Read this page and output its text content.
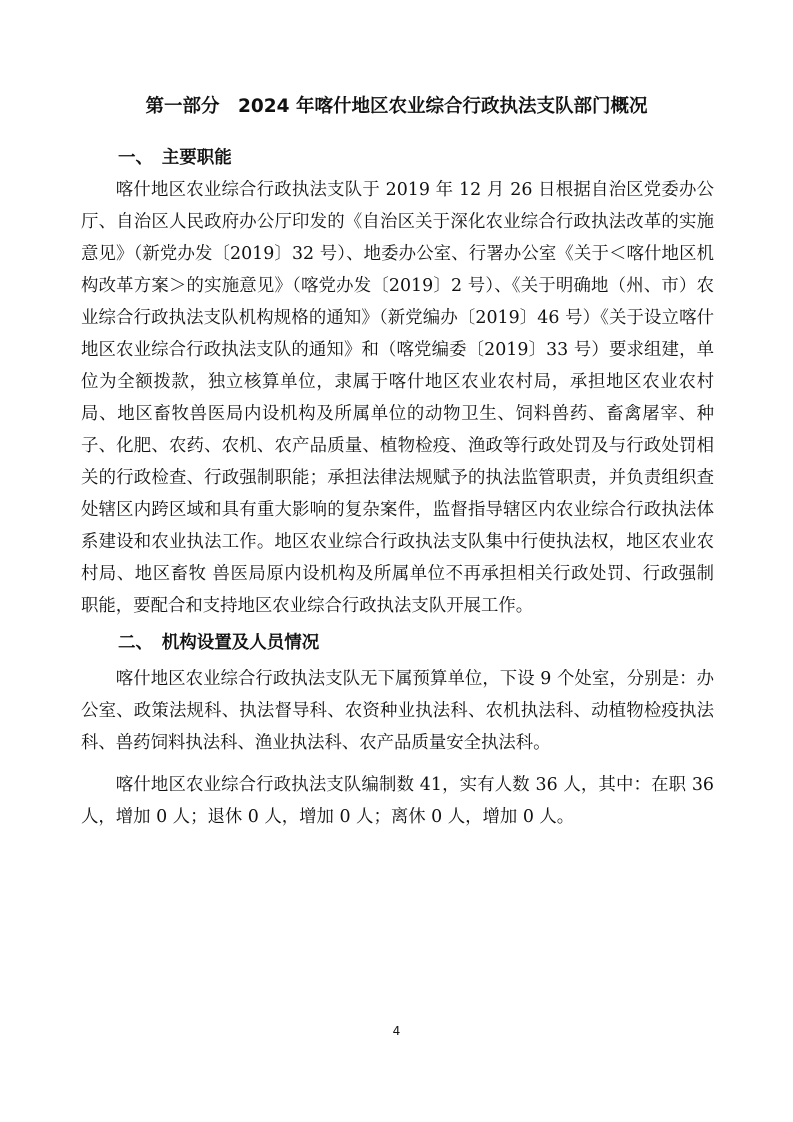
第一部分　2024 年喀什地区农业综合行政执法支队部门概况
一、　主要职能

喀什地区农业综合行政执法支队于 2019 年 12 月 26 日根据自治区党委办公厅、自治区人民政府办公厅印发的《自治区关于深化农业综合行政执法改革的实施意见》（新党办发〔2019〕32 号）、地委办公室、行署办公室《关于＜喀什地区机构改革方案＞的实施意见》（喀党办发〔2019〕2 号）、《关于明确地（州、市）农业综合行政执法支队机构规格的通知》（新党编办〔2019〕46 号）《关于设立喀什地区农业综合行政执法支队的通知》和（喀党编委〔2019〕33 号）要求组建，单位为全额拨款，独立核算单位，隶属于喀什地区农业农村局，承担地区农业农村局、地区畜牧兽医局内设机构及所属单位的动物卫生、饲料兽药、畜禽屠宰、种子、化肥、农药、农机、农产品质量、植物检疫、渔政等行政处罚及与行政处罚相关的行政检查、行政强制职能；承担法律法规赋予的执法监管职责，并负责组织查处辖区内跨区域和具有重大影响的复杂案件，监督指导辖区内农业综合行政执法体系建设和农业执法工作。地区农业综合行政执法支队集中行使执法权，地区农业农村局、地区畜牧 兽医局原内设机构及所属单位不再承担相关行政处罚、行政强制 职能，要配合和支持地区农业综合行政执法支队开展工作。

二、　机构设置及人员情况

喀什地区农业综合行政执法支队无下属预算单位，下设 9 个处室，分别是：办公室、政策法规科、执法督导科、农资种业执法科、农机执法科、动植物检疫执法科、兽药饲料执法科、渔业执法科、农产品质量安全执法科。

喀什地区农业综合行政执法支队编制数 41，实有人数 36 人，其中：在职 36 人，增加 0 人；退休 0 人，增加 0 人；离休 0 人，增加 0 人。

4
